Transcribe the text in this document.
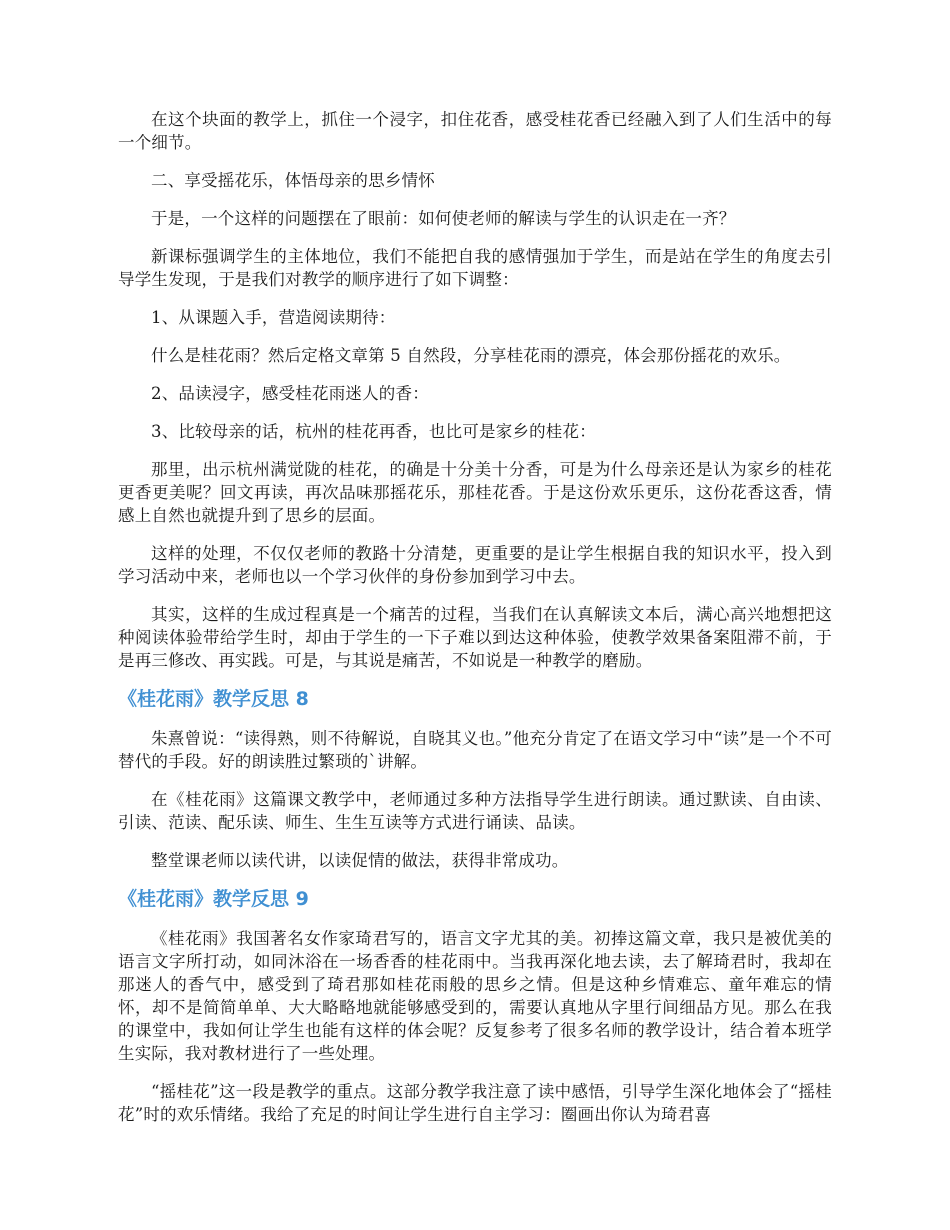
在这个块面的教学上，抓住一个浸字，扣住花香，感受桂花香已经融入到了人们生活中的每一个细节。

二、享受摇花乐，体悟母亲的思乡情怀

于是，一个这样的问题摆在了眼前：如何使老师的解读与学生的认识走在一齐？

新课标强调学生的主体地位，我们不能把自我的感情强加于学生，而是站在学生的角度去引导学生发现，于是我们对教学的顺序进行了如下调整：

1、从课题入手，营造阅读期待：

什么是桂花雨？然后定格文章第 5 自然段，分享桂花雨的漂亮，体会那份摇花的欢乐。

2、品读浸字，感受桂花雨迷人的香：

3、比较母亲的话，杭州的桂花再香，也比可是家乡的桂花：

那里，出示杭州满觉陇的桂花，的确是十分美十分香，可是为什么母亲还是认为家乡的桂花更香更美呢？回文再读，再次品味那摇花乐，那桂花香。于是这份欢乐更乐，这份花香这香，情感上自然也就提升到了思乡的层面。

这样的处理，不仅仅老师的教路十分清楚，更重要的是让学生根据自我的知识水平，投入到学习活动中来，老师也以一个学习伙伴的身份参加到学习中去。

其实，这样的生成过程真是一个痛苦的过程，当我们在认真解读文本后，满心高兴地想把这种阅读体验带给学生时，却由于学生的一下子难以到达这种体验，使教学效果备案阻滞不前，于是再三修改、再实践。可是，与其说是痛苦，不如说是一种教学的磨励。

《桂花雨》教学反思 8

朱熹曾说：“读得熟，则不待解说，自晓其义也。”他充分肯定了在语文学习中“读”是一个不可替代的手段。好的朗读胜过繁琐的`讲解。

在《桂花雨》这篇课文教学中，老师通过多种方法指导学生进行朗读。通过默读、自由读、引读、范读、配乐读、师生、生生互读等方式进行诵读、品读。

整堂课老师以读代讲，以读促情的做法，获得非常成功。

《桂花雨》教学反思 9

《桂花雨》我国著名女作家琦君写的，语言文字尤其的美。初捧这篇文章，我只是被优美的语言文字所打动，如同沐浴在一场香香的桂花雨中。当我再深化地去读，去了解琦君时，我却在那迷人的香气中，感受到了琦君那如桂花雨般的思乡之情。但是这种乡情难忘、童年难忘的情怀，却不是简简单单、大大略略地就能够感受到的，需要认真地从字里行间细品方见。那么在我的课堂中，我如何让学生也能有这样的体会呢？反复参考了很多名师的教学设计，结合着本班学生实际，我对教材进行了一些处理。

“摇桂花”这一段是教学的重点。这部分教学我注意了读中感悟，引导学生深化地体会了“摇桂花”时的欢乐情绪。我给了充足的时间让学生进行自主学习：圈画出你认为琦君喜
